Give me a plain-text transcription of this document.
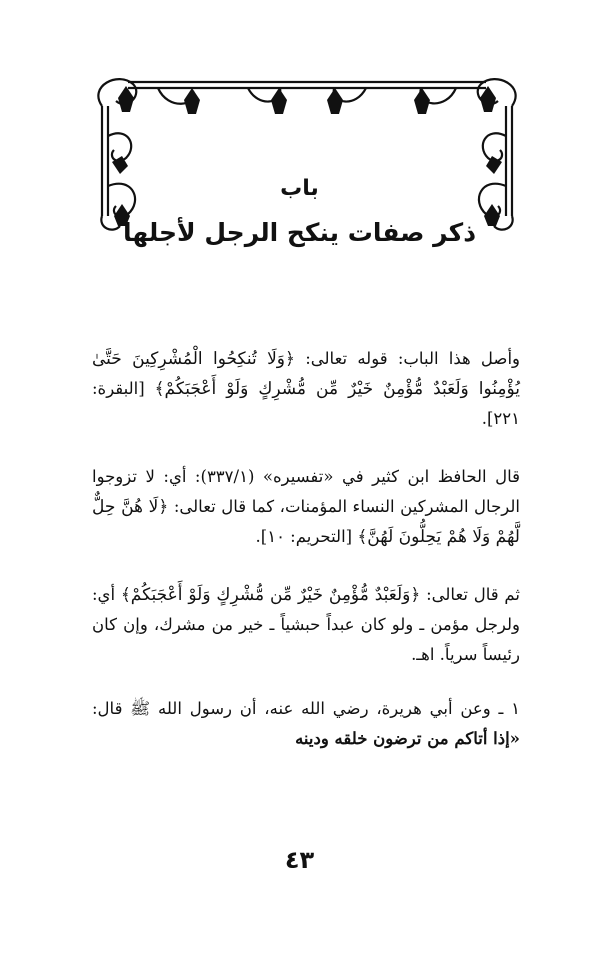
باب
ذكر صفات ينكح الرجل لأجلها

وأصل هذا الباب: قوله تعالى: ﴿وَلَا تُنكِحُوا الْمُشْرِكِينَ حَتَّىٰ يُؤْمِنُوا وَلَعَبْدٌ مُّؤْمِنٌ خَيْرٌ مِّن مُّشْرِكٍ وَلَوْ أَعْجَبَكُمْ﴾ [البقرة: ٢٢١].

قال الحافظ ابن كثير في «تفسيره» (٣٣٧/١): أي: لا تزوجوا الرجال المشركين النساء المؤمنات، كما قال تعالى: ﴿لَا هُنَّ حِلٌّ لَّهُمْ وَلَا هُمْ يَحِلُّونَ لَهُنَّ﴾ [التحريم: ١٠].

ثم قال تعالى: ﴿وَلَعَبْدٌ مُّؤْمِنٌ خَيْرٌ مِّن مُّشْرِكٍ وَلَوْ أَعْجَبَكُمْ﴾ أي: ولرجل مؤمن ـ ولو كان عبداً حبشياً ـ خير من مشرك، وإن كان رئيساً سرياً. اهـ.

١ ـ وعن أبي هريرة، رضي الله عنه، أن رسول الله ﷺ قال: «إذا أتاكم من ترضون خلقه ودينه

٤٣
